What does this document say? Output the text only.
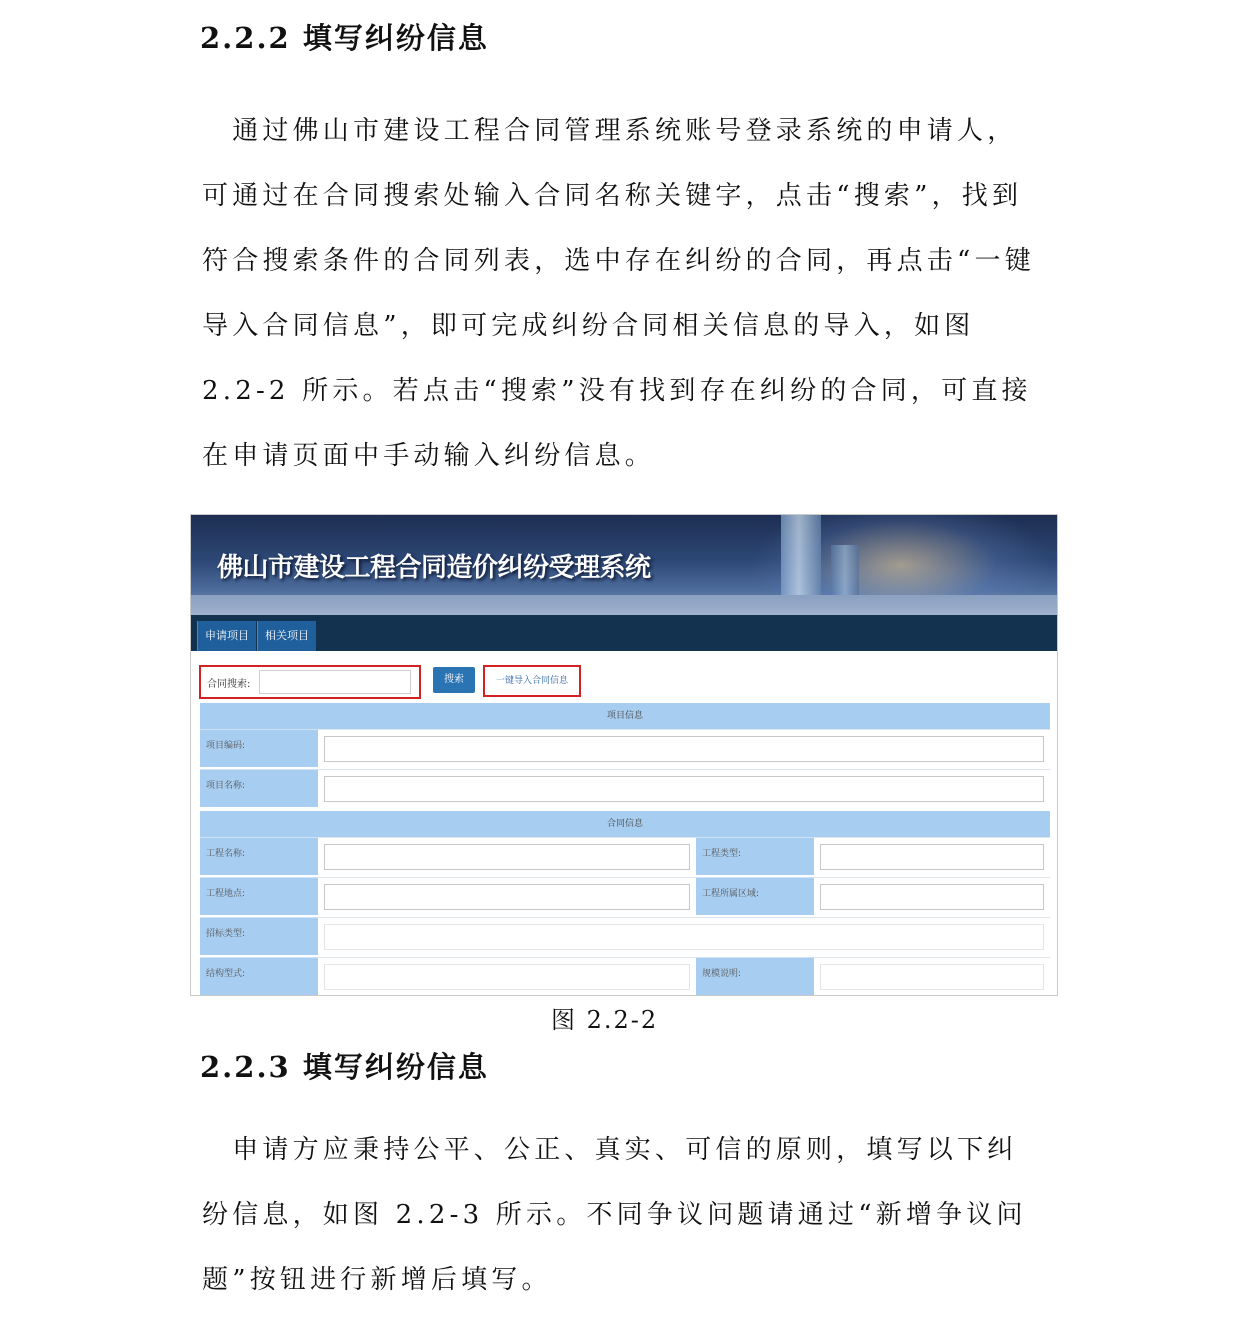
2.2.2 填写纠纷信息
　通过佛山市建设工程合同管理系统账号登录系统的申请人，
可通过在合同搜索处输入合同名称关键字，点击“搜索”，找到
符合搜索条件的合同列表，选中存在纠纷的合同，再点击“一键
导入合同信息”，即可完成纠纷合同相关信息的导入，如图
2.2-2 所示。若点击“搜索”没有找到存在纠纷的合同，可直接
在申请页面中手动输入纠纷信息。
佛山市建设工程合同造价纠纷受理系统
申请项目	相关项目
合同搜索:	搜索	一键导入合同信息
项目信息
项目编码:
项目名称:
合同信息
工程名称:	工程类型:
工程地点:	工程所属区域:
招标类型:
结构型式:	规模说明:
图 2.2-2
2.2.3 填写纠纷信息
　申请方应秉持公平、公正、真实、可信的原则，填写以下纠
纷信息，如图 2.2-3 所示。不同争议问题请通过“新增争议问
题”按钮进行新增后填写。
